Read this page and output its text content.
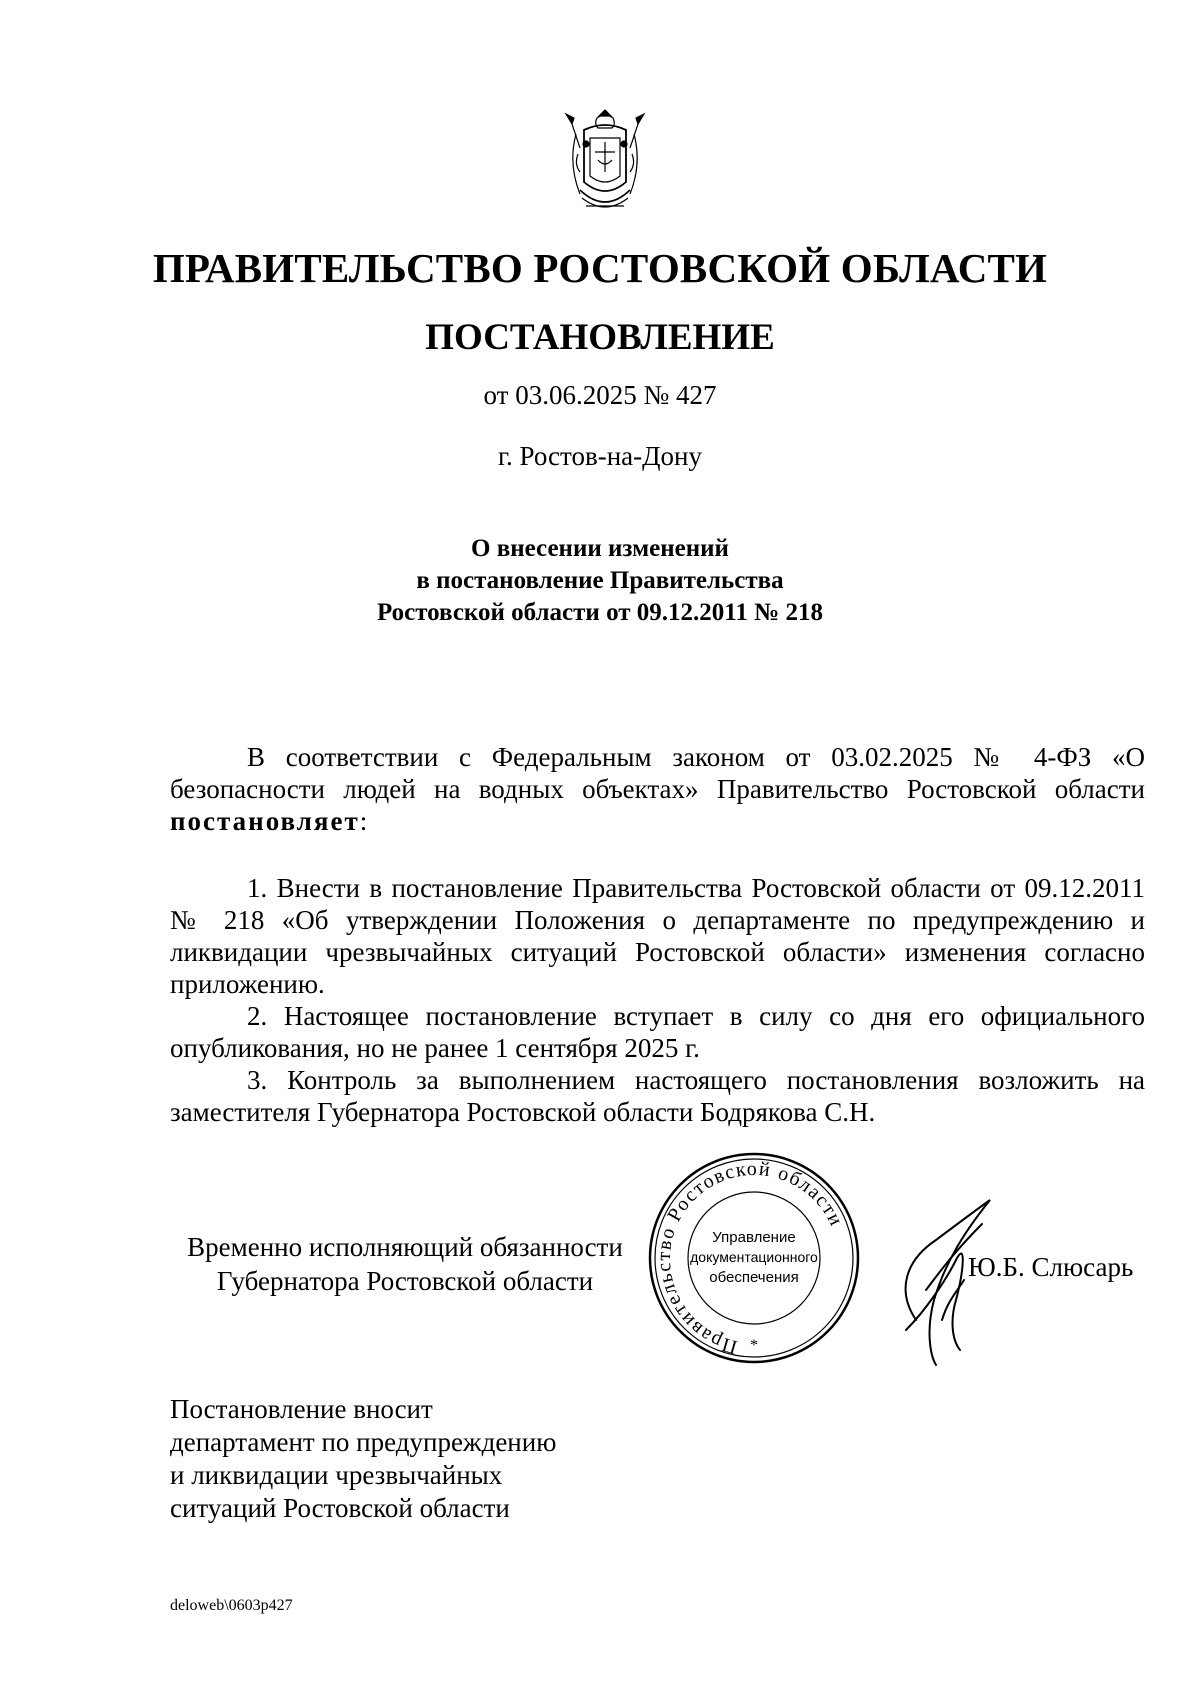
ПРАВИТЕЛЬСТВО РОСТОВСКОЙ ОБЛАСТИ
ПОСТАНОВЛЕНИЕ
от 03.06.2025 № 427
г. Ростов-на-Дону
О внесении изменений
в постановление Правительства
Ростовской области от 09.12.2011 № 218

В соответствии с Федеральным законом от 03.02.2025 № 4-ФЗ «О безопасности людей на водных объектах» Правительство Ростовской области постановляет:

1. Внести в постановление Правительства Ростовской области от 09.12.2011 № 218 «Об утверждении Положения о департаменте по предупреждению и ликвидации чрезвычайных ситуаций Ростовской области» изменения согласно приложению.

2. Настоящее постановление вступает в силу со дня его официального опубликования, но не ранее 1 сентября 2025 г.

3. Контроль за выполнением настоящего постановления возложить на заместителя Губернатора Ростовской области Бодрякова С.Н.

Временно исполняющий обязанности
Губернатора Ростовской области
Правительство Ростовской области
Управление
документационного
обеспечения
*
Ю.Б. Слюсарь
Постановление вносит
департамент по предупреждению
и ликвидации чрезвычайных
ситуаций Ростовской области
deloweb\0603p427
